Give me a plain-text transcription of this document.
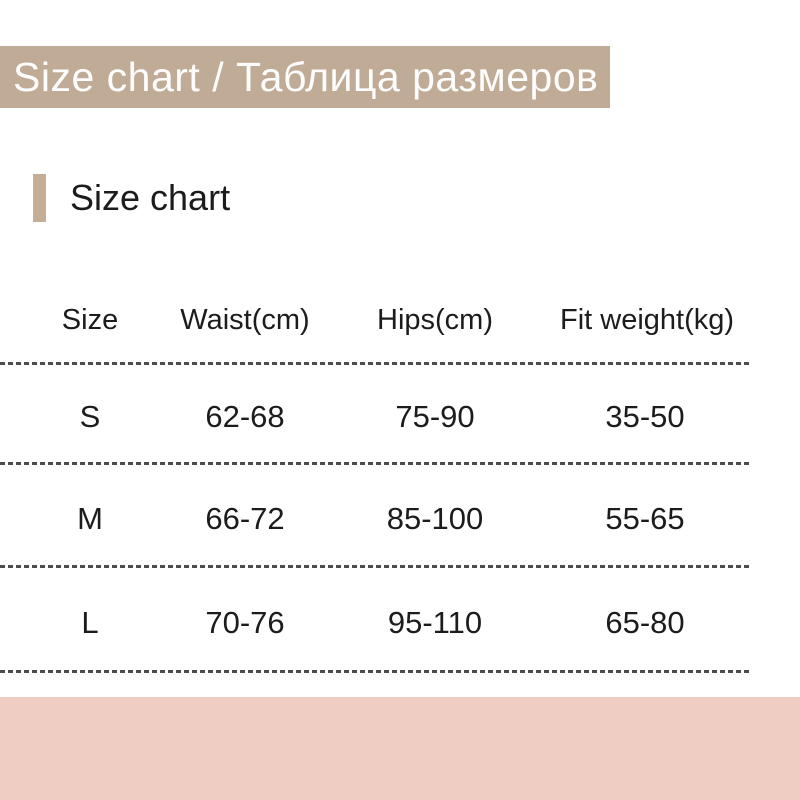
Size chart / Таблица размеров
Size chart
Size	Waist(cm)	Hips(cm)	Fit weight(kg)
S	62-68	75-90	35-50
M	66-72	85-100	55-65
L	70-76	95-110	65-80
